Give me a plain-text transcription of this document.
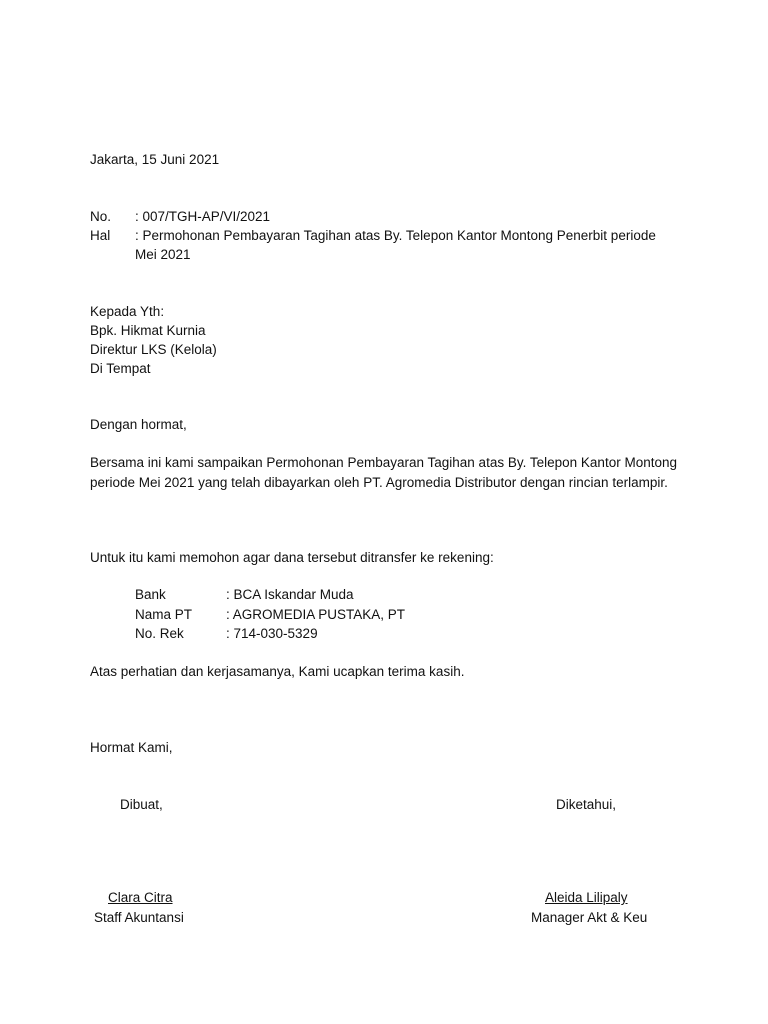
Jakarta, 15 Juni 2021
No. : 007/TGH-AP/VI/2021
Hal : Permohonan Pembayaran Tagihan atas By. Telepon Kantor Montong Penerbit periode
Mei 2021
Kepada Yth:
Bpk. Hikmat Kurnia
Direktur LKS (Kelola)
Di Tempat
Dengan hormat,
Bersama ini kami sampaikan Permohonan Pembayaran Tagihan atas By. Telepon Kantor Montong periode Mei 2021 yang telah dibayarkan oleh PT. Agromedia Distributor dengan rincian terlampir.
Untuk itu kami memohon agar dana tersebut ditransfer ke rekening:
Bank	: BCA Iskandar Muda
Nama PT	: AGROMEDIA PUSTAKA, PT
No. Rek	: 714-030-5329
Atas perhatian dan kerjasamanya, Kami ucapkan terima kasih.
Hormat Kami,
Dibuat,
Clara Citra
Staff Akuntansi
Diketahui,
Aleida Lilipaly
Manager Akt & Keu
